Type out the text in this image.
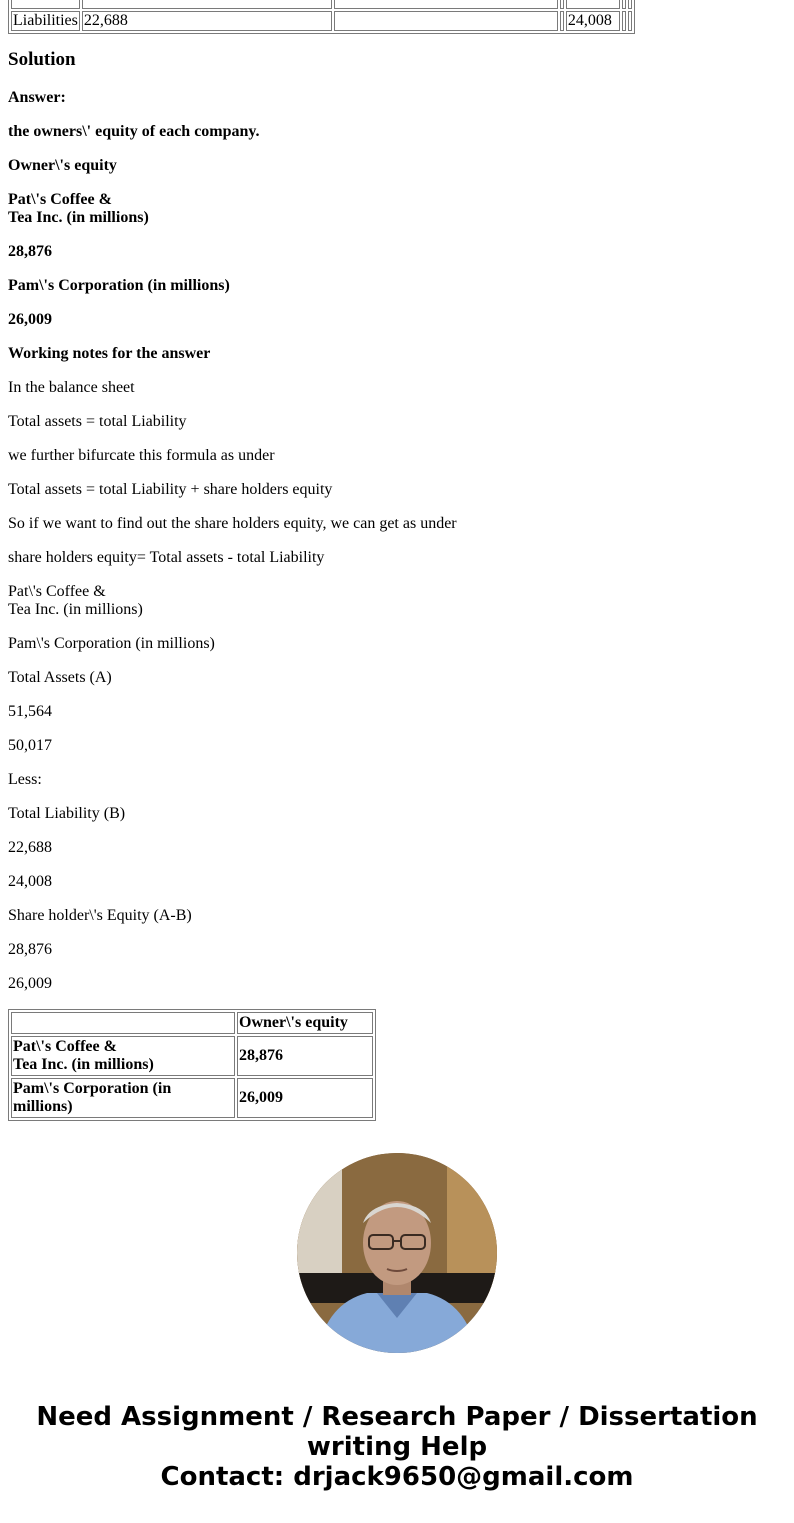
Liabilities	22,688			24,008		
Solution

Answer:

the owners\' equity of each company.

Owner\'s equity

Pat\'s Coffee &
Tea Inc. (in millions)

28,876

Pam\'s Corporation (in millions)

26,009

Working notes for the answer

In the balance sheet

Total assets = total Liability

we further bifurcate this formula as under

Total assets = total Liability + share holders equity

So if we want to find out the share holders equity, we can get as under

share holders equity= Total assets - total Liability

Pat\'s Coffee &
Tea Inc. (in millions)

Pam\'s Corporation (in millions)

Total Assets (A)

51,564

50,017

Less:

Total Liability (B)

22,688

24,008

Share holder\'s Equity (A-B)

28,876

26,009

	Owner\'s equity
Pat\'s Coffee &
Tea Inc. (in millions)	28,876
Pam\'s Corporation (in
millions)	26,009
Need Assignment / Research Paper / Dissertation
writing Help
Contact: drjack9650@gmail.com
